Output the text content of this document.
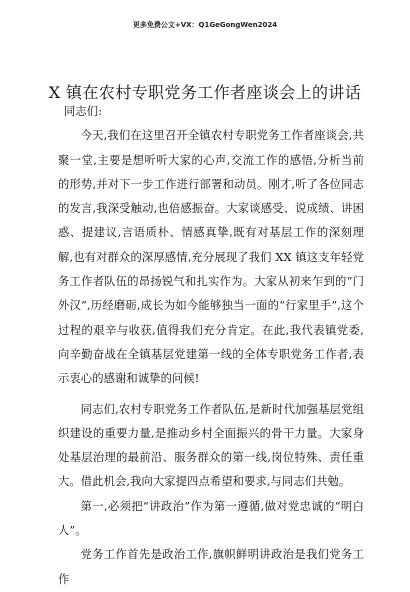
更多免费公文+VX：Q1GeGongWen2024
X 镇在农村专职党务工作者座谈会上的讲话

同志们:

今天,我们在这里召开全镇农村专职党务工作者座谈会,共聚一堂,主要是想听听大家的心声,交流工作的感悟,分析当前的形势,并对下一步工作进行部署和动员。刚才,听了各位同志的发言,我深受触动,也倍感振奋。大家谈感受、说成绩、讲困惑、提建议,言语质朴、情感真挚,既有对基层工作的深刻理解,也有对群众的深厚感情,充分展现了我们 XX 镇这支年轻党务工作者队伍的昂扬锐气和扎实作为。大家从初来乍到的“门外汉”,历经磨砺,成长为如今能够独当一面的“行家里手”,这个过程的艰辛与收获,值得我们充分肯定。在此,我代表镇党委,向辛勤奋战在全镇基层党建第一线的全体专职党务工作者,表示衷心的感谢和诚挚的问候!

同志们,农村专职党务工作者队伍,是新时代加强基层党组织建设的重要力量,是推动乡村全面振兴的骨干力量。大家身处基层治理的最前沿、服务群众的第一线,岗位特殊、责任重大。借此机会,我向大家提四点希望和要求,与同志们共勉。

第一,必须把“讲政治”作为第一遵循,做对党忠诚的“明白人”。

党务工作首先是政治工作,旗帜鲜明讲政治是我们党务工作
